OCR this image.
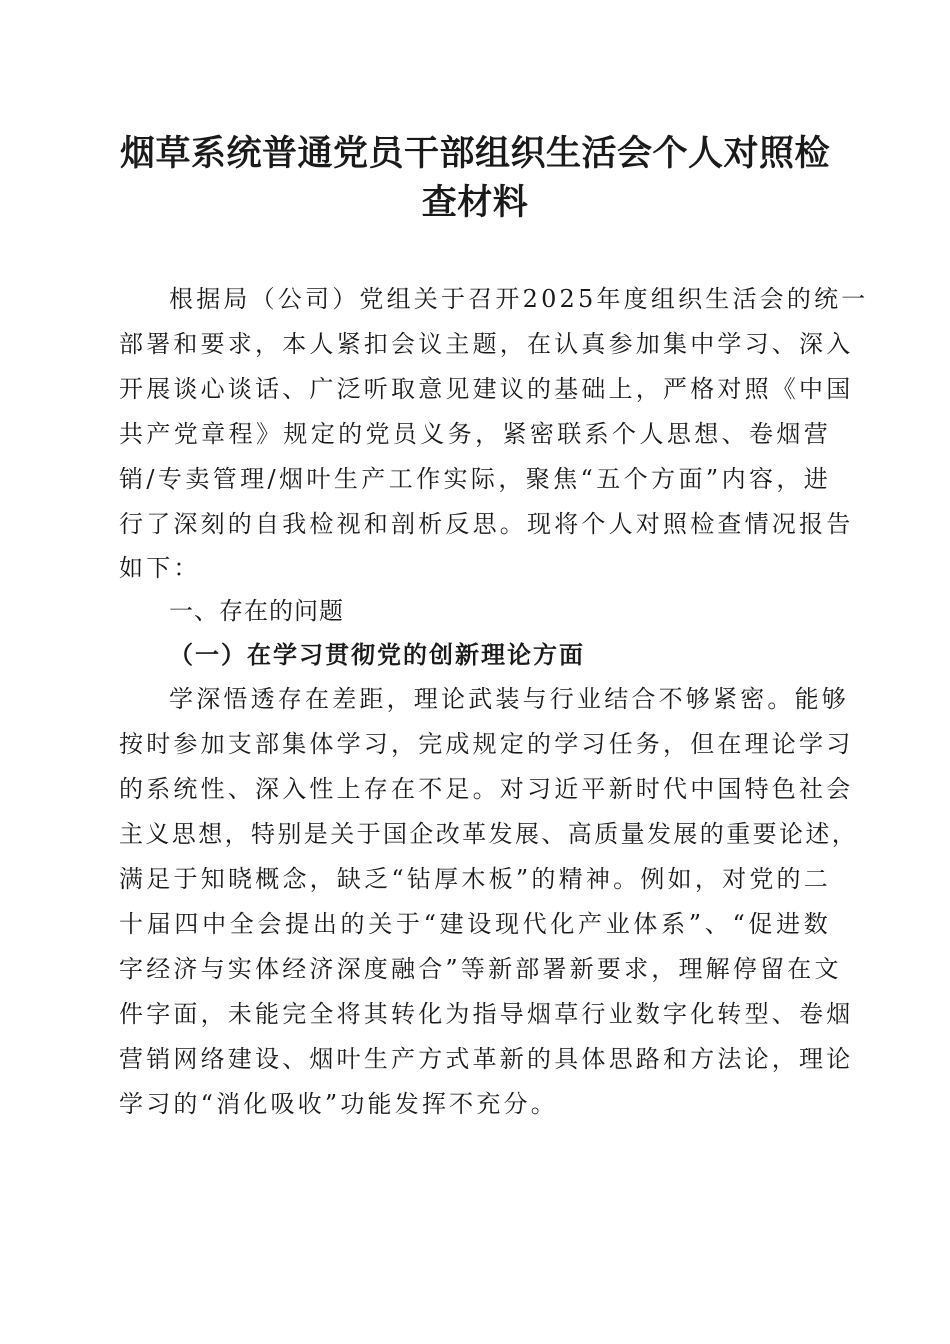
烟草系统普通党员干部组织生活会个人对照检
查材料
根据局（公司）党组关于召开2025年度组织生活会的统一
部署和要求，本人紧扣会议主题，在认真参加集中学习、深入
开展谈心谈话、广泛听取意见建议的基础上，严格对照《中国
共产党章程》规定的党员义务，紧密联系个人思想、卷烟营
销/专卖管理/烟叶生产工作实际，聚焦“五个方面”内容，进
行了深刻的自我检视和剖析反思。现将个人对照检查情况报告
如下：
一、存在的问题
（一）在学习贯彻党的创新理论方面
学深悟透存在差距，理论武装与行业结合不够紧密。能够
按时参加支部集体学习，完成规定的学习任务，但在理论学习
的系统性、深入性上存在不足。对习近平新时代中国特色社会
主义思想，特别是关于国企改革发展、高质量发展的重要论述，
满足于知晓概念，缺乏“钻厚木板”的精神。例如，对党的二
十届四中全会提出的关于“建设现代化产业体系”、“促进数
字经济与实体经济深度融合”等新部署新要求，理解停留在文
件字面，未能完全将其转化为指导烟草行业数字化转型、卷烟
营销网络建设、烟叶生产方式革新的具体思路和方法论，理论
学习的“消化吸收”功能发挥不充分。
